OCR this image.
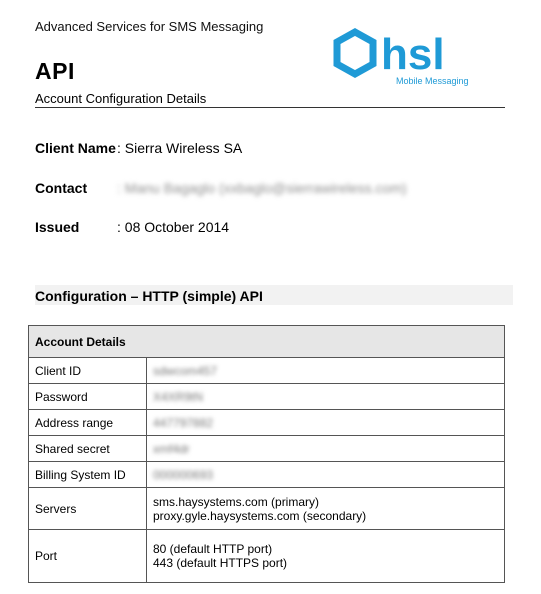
Advanced Services for SMS Messaging
hsl
Mobile Messaging
API
Account Configuration Details
Client Name : Sierra Wireless SA
Contact	: Manu Bagaglo (xxbaglo@sierrawireless.com)
Issued	: 08 October 2014
Configuration – HTTP (simple) API
Account Details	
Client ID	sdwcom457
Password	X4XR9tN
Address range	447797882
Shared secret	xmf4dr
Billing System ID	000000693
Servers	sms.haysystems.com (primary)
proxy.gyle.haysystems.com (secondary)

Port	80 (default HTTP port)
443 (default HTTPS port)
